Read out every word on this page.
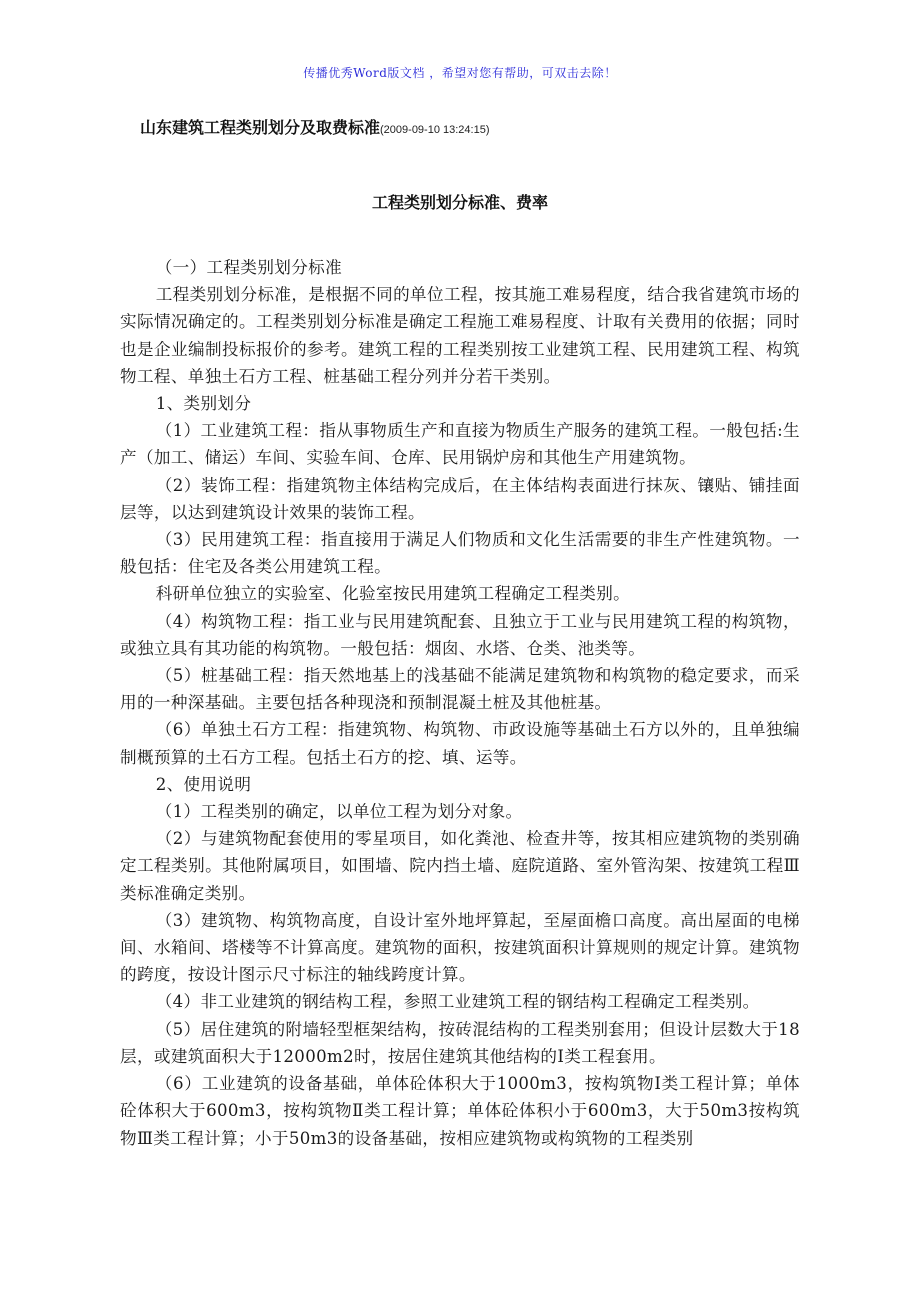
传播优秀Word版文档 ，希望对您有帮助，可双击去除！
山东建筑工程类别划分及取费标准(2009-09-10 13:24:15)
工程类别划分标准、费率

（一）工程类别划分标准

工程类别划分标准，是根据不同的单位工程，按其施工难易程度，结合我省建筑市场的实际情况确定的。工程类别划分标准是确定工程施工难易程度、计取有关费用的依据；同时也是企业编制投标报价的参考。建筑工程的工程类别按工业建筑工程、民用建筑工程、构筑物工程、单独土石方工程、桩基础工程分列并分若干类别。

1、类别划分

（1）工业建筑工程：指从事物质生产和直接为物质生产服务的建筑工程。一般包括:生产（加工、储运）车间、实验车间、仓库、民用锅炉房和其他生产用建筑物。

（2）装饰工程：指建筑物主体结构完成后，在主体结构表面进行抹灰、镶贴、铺挂面层等，以达到建筑设计效果的装饰工程。

（3）民用建筑工程：指直接用于满足人们物质和文化生活需要的非生产性建筑物。一般包括：住宅及各类公用建筑工程。

科研单位独立的实验室、化验室按民用建筑工程确定工程类别。

（4）构筑物工程：指工业与民用建筑配套、且独立于工业与民用建筑工程的构筑物，或独立具有其功能的构筑物。一般包括：烟囱、水塔、仓类、池类等。

（5）桩基础工程：指天然地基上的浅基础不能满足建筑物和构筑物的稳定要求，而采用的一种深基础。主要包括各种现浇和预制混凝土桩及其他桩基。

（6）单独土石方工程：指建筑物、构筑物、市政设施等基础土石方以外的，且单独编制概预算的土石方工程。包括土石方的挖、填、运等。

2、使用说明

（1）工程类别的确定，以单位工程为划分对象。

（2）与建筑物配套使用的零星项目，如化粪池、检查井等，按其相应建筑物的类别确定工程类别。其他附属项目，如围墙、院内挡土墙、庭院道路、室外管沟架、按建筑工程Ⅲ类标准确定类别。

（3）建筑物、构筑物高度，自设计室外地坪算起，至屋面檐口高度。高出屋面的电梯间、水箱间、塔楼等不计算高度。建筑物的面积，按建筑面积计算规则的规定计算。建筑物的跨度，按设计图示尺寸标注的轴线跨度计算。

（4）非工业建筑的钢结构工程，参照工业建筑工程的钢结构工程确定工程类别。

（5）居住建筑的附墙轻型框架结构，按砖混结构的工程类别套用；但设计层数大于18层，或建筑面积大于12000m2时，按居住建筑其他结构的Ⅰ类工程套用。

（6）工业建筑的设备基础，单体砼体积大于1000m3，按构筑物Ⅰ类工程计算；单体砼体积大于600m3，按构筑物Ⅱ类工程计算；单体砼体积小于600m3，大于50m3按构筑物Ⅲ类工程计算；小于50m3的设备基础，按相应建筑物或构筑物的工程类别
